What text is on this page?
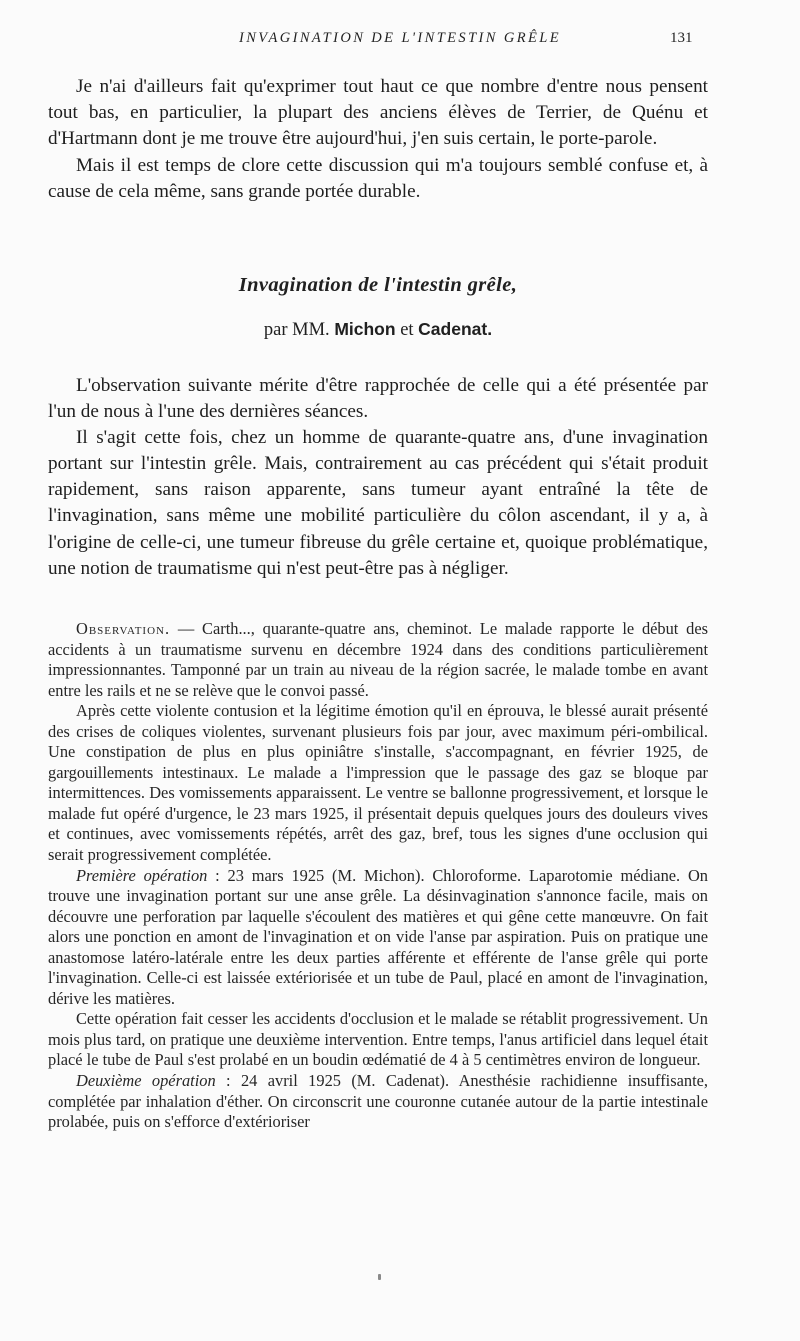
INVAGINATION DE L'INTESTIN GRÊLE	131

Je n'ai d'ailleurs fait qu'exprimer tout haut ce que nombre d'entre nous pensent tout bas, en particulier, la plupart des anciens élèves de Terrier, de Quénu et d'Hartmann dont je me trouve être aujourd'hui, j'en suis certain, le porte-parole.

Mais il est temps de clore cette discussion qui m'a toujours semblé confuse et, à cause de cela même, sans grande portée durable.

Invagination de l'intestin grêle,
par MM. Michon et Cadenat.

L'observation suivante mérite d'être rapprochée de celle qui a été présentée par l'un de nous à l'une des dernières séances.

Il s'agit cette fois, chez un homme de quarante-quatre ans, d'une invagination portant sur l'intestin grêle. Mais, contrairement au cas précédent qui s'était produit rapidement, sans raison apparente, sans tumeur ayant entraîné la tête de l'invagination, sans même une mobilité particulière du côlon ascendant, il y a, à l'origine de celle-ci, une tumeur fibreuse du grêle certaine et, quoique problématique, une notion de traumatisme qui n'est peut-être pas à négliger.

Observation. — Carth..., quarante-quatre ans, cheminot. Le malade rapporte le début des accidents à un traumatisme survenu en décembre 1924 dans des conditions particulièrement impressionnantes. Tamponné par un train au niveau de la région sacrée, le malade tombe en avant entre les rails et ne se relève que le convoi passé.

Après cette violente contusion et la légitime émotion qu'il en éprouva, le blessé aurait présenté des crises de coliques violentes, survenant plusieurs fois par jour, avec maximum péri-ombilical. Une constipation de plus en plus opiniâtre s'installe, s'accompagnant, en février 1925, de gargouillements intestinaux. Le malade a l'impression que le passage des gaz se bloque par intermittences. Des vomissements apparaissent. Le ventre se ballonne progressivement, et lorsque le malade fut opéré d'urgence, le 23 mars 1925, il présentait depuis quelques jours des douleurs vives et continues, avec vomissements répétés, arrêt des gaz, bref, tous les signes d'une occlusion qui serait progressivement complétée.

Première opération : 23 mars 1925 (M. Michon). Chloroforme. Laparotomie médiane. On trouve une invagination portant sur une anse grêle. La désinvagination s'annonce facile, mais on découvre une perforation par laquelle s'écoulent des matières et qui gêne cette manœuvre. On fait alors une ponction en amont de l'invagination et on vide l'anse par aspiration. Puis on pratique une anastomose latéro-latérale entre les deux parties afférente et efférente de l'anse grêle qui porte l'invagination. Celle-ci est laissée extériorisée et un tube de Paul, placé en amont de l'invagination, dérive les matières.

Cette opération fait cesser les accidents d'occlusion et le malade se rétablit progressivement. Un mois plus tard, on pratique une deuxième intervention. Entre temps, l'anus artificiel dans lequel était placé le tube de Paul s'est prolabé en un boudin œdématié de 4 à 5 centimètres environ de longueur.

Deuxième opération : 24 avril 1925 (M. Cadenat). Anesthésie rachidienne insuffisante, complétée par inhalation d'éther. On circonscrit une couronne cutanée autour de la partie intestinale prolabée, puis on s'efforce d'extérioriser
